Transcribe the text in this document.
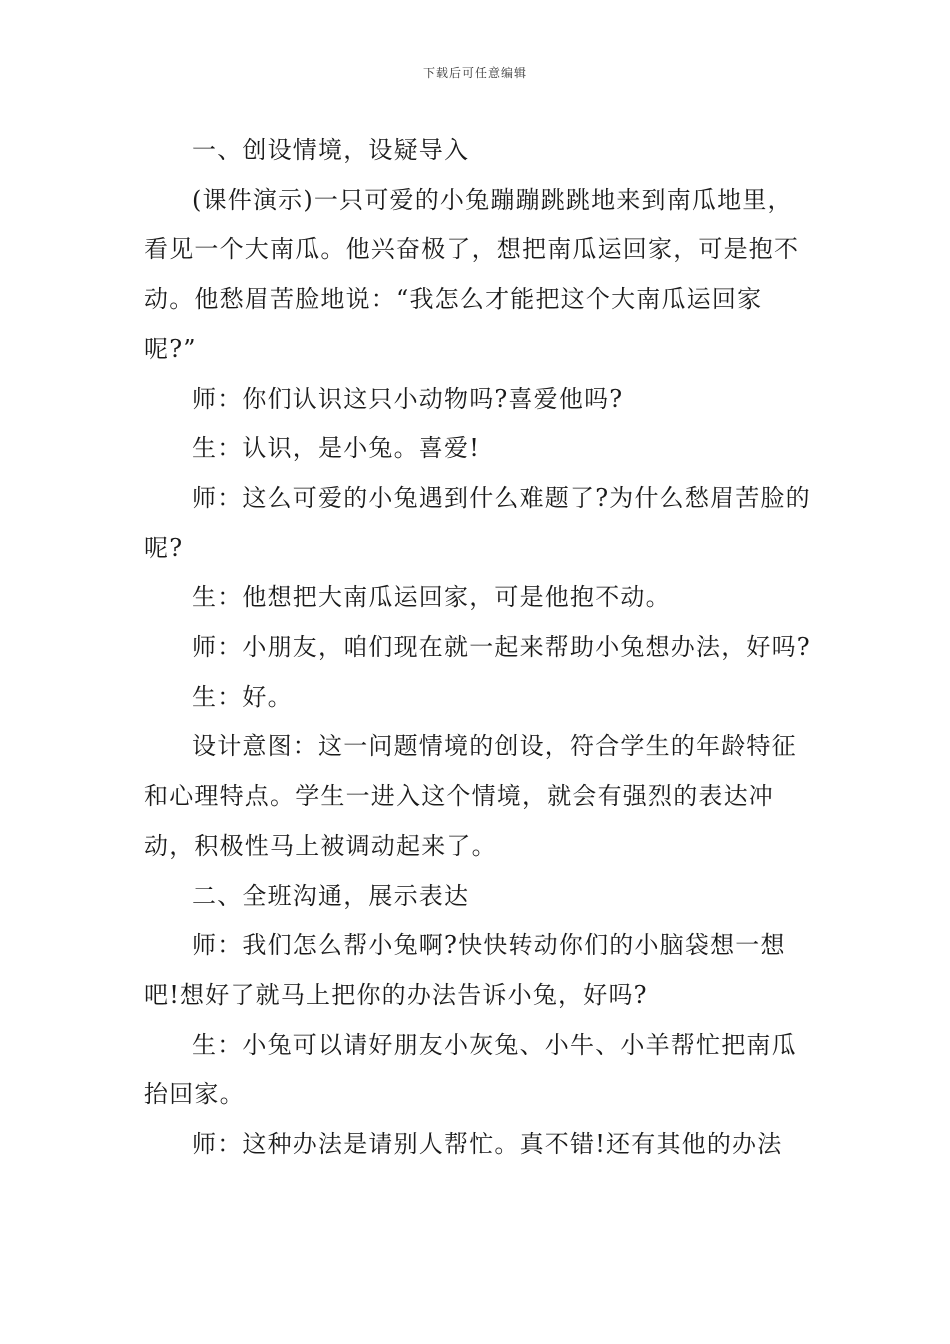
下载后可任意编辑

一、创设情境，设疑导入

(课件演示)一只可爱的小兔蹦蹦跳跳地来到南瓜地里，看见一个大南瓜。他兴奋极了，想把南瓜运回家，可是抱不动。他愁眉苦脸地说：“我怎么才能把这个大南瓜运回家呢?”

师：你们认识这只小动物吗?喜爱他吗?

生：认识，是小兔。喜爱!

师：这么可爱的小兔遇到什么难题了?为什么愁眉苦脸的呢?

生：他想把大南瓜运回家，可是他抱不动。

师：小朋友，咱们现在就一起来帮助小兔想办法，好吗?

生：好。

设计意图：这一问题情境的创设，符合学生的年龄特征和心理特点。学生一进入这个情境，就会有强烈的表达冲动，积极性马上被调动起来了。

二、全班沟通，展示表达

师：我们怎么帮小兔啊?快快转动你们的小脑袋想一想吧!想好了就马上把你的办法告诉小兔，好吗?

生：小兔可以请好朋友小灰兔、小牛、小羊帮忙把南瓜抬回家。

师：这种办法是请别人帮忙。真不错!还有其他的办法
